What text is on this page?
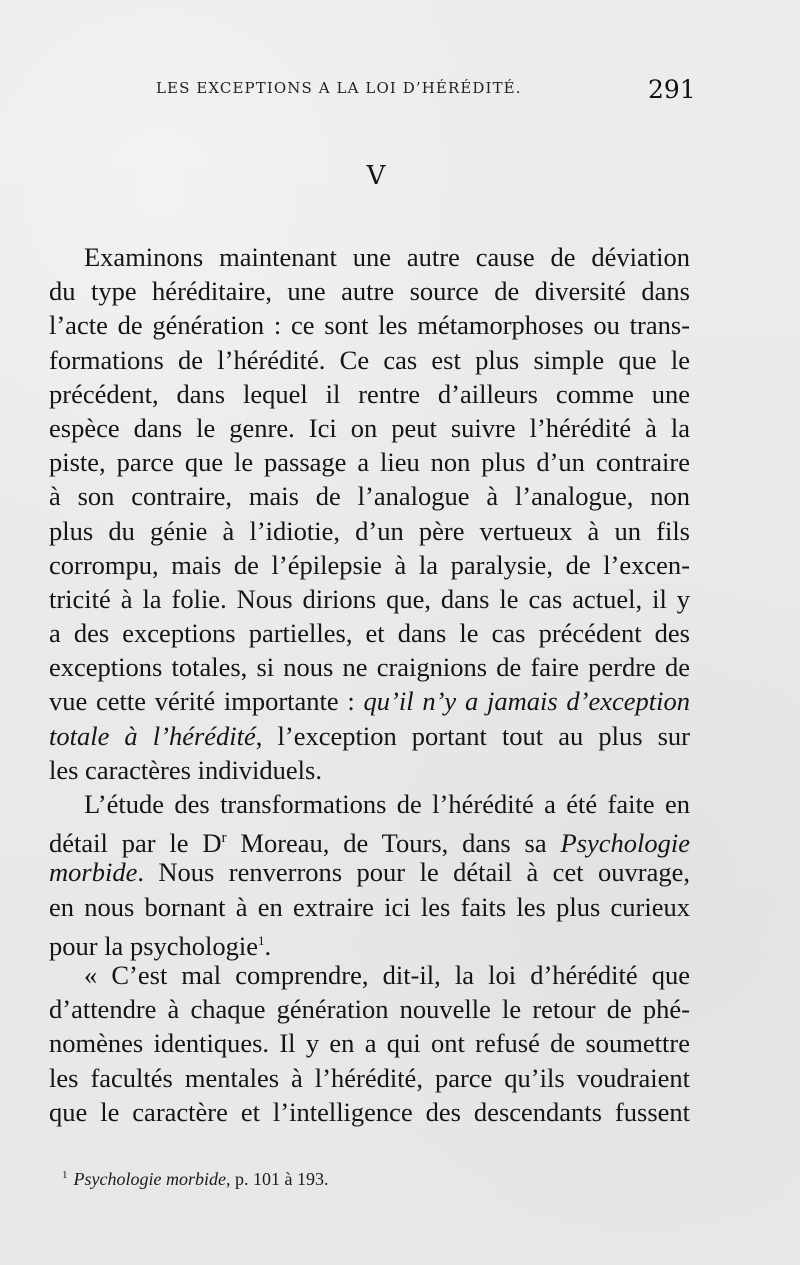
LES EXCEPTIONS A LA LOI D’HÉRÉDITÉ.	291
V
Examinons maintenant une autre cause de déviation
du type héréditaire, une autre source de diversité dans
l’acte de génération : ce sont les métamorphoses ou trans-
formations de l’hérédité. Ce cas est plus simple que le
précédent, dans lequel il rentre d’ailleurs comme une
espèce dans le genre. Ici on peut suivre l’hérédité à la
piste, parce que le passage a lieu non plus d’un contraire
à son contraire, mais de l’analogue à l’analogue, non
plus du génie à l’idiotie, d’un père vertueux à un fils
corrompu, mais de l’épilepsie à la paralysie, de l’excen-
tricité à la folie. Nous dirions que, dans le cas actuel, il y
a des exceptions partielles, et dans le cas précédent des
exceptions totales, si nous ne craignions de faire perdre de
vue cette vérité importante : qu’il n’y a jamais d’exception
totale à l’hérédité, l’exception portant tout au plus sur
les caractères individuels.
L’étude des transformations de l’hérédité a été faite en
détail par le $D^r$ Moreau, de Tours, dans sa Psychologie
morbide. Nous renverrons pour le détail à cet ouvrage,
en nous bornant à en extraire ici les faits les plus curieux
pour la psychologie$^1$.
« C’est mal comprendre, dit-il, la loi d’hérédité que
d’attendre à chaque génération nouvelle le retour de phé-
nomènes identiques. Il y en a qui ont refusé de soumettre
les facultés mentales à l’hérédité, parce qu’ils voudraient
que le caractère et l’intelligence des descendants fussent
$^1$ Psychologie morbide, p. 101 à 193.
